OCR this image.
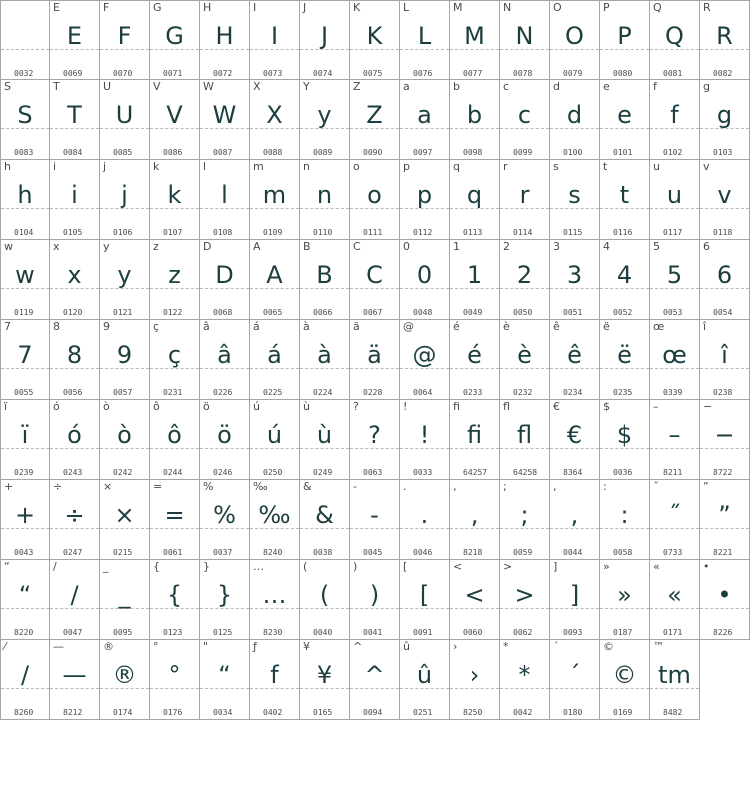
0032
E
E
0069
F
F
0070
G
G
0071
H
H
0072
I
I
0073
J
J
0074
K
K
0075
L
L
0076
M
M
0077
N
N
0078
O
O
0079
P
P
0080
Q
Q
0081
R
R
0082
S
S
0083
T
T
0084
U
U
0085
V
V
0086
W
W
0087
X
X
0088
Y
y
0089
Z
Z
0090
a
a
0097
b
b
0098
c
c
0099
d
d
0100
e
e
0101
f
f
0102
g
g
0103
h
h
0104
i
i
0105
j
j
0106
k
k
0107
l
l
0108
m
m
0109
n
n
0110
o
o
0111
p
p
0112
q
q
0113
r
r
0114
s
s
0115
t
t
0116
u
u
0117
v
v
0118
w
w
0119
x
x
0120
y
y
0121
z
z
0122
D
D
0068
A
A
0065
B
B
0066
C
C
0067
0
0
0048
1
1
0049
2
2
0050
3
3
0051
4
4
0052
5
5
0053
6
6
0054
7
7
0055
8
8
0056
9
9
0057
ç
ç
0231
â
â
0226
á
á
0225
à
à
0224
ä
ä
0228
@
@
0064
é
é
0233
è
è
0232
ê
ê
0234
ë
ë
0235
œ
œ
0339
î
î
0238
ï
ï
0239
ó
ó
0243
ò
ò
0242
ô
ô
0244
ö
ö
0246
ú
ú
0250
ù
ù
0249
?
?
0063
!
!
0033
fi
fi
64257
fl
fl
64258
€
€
8364
$
$
0036
–
–
8211
−
−
8722
+
+
0043
÷
÷
0247
×
×
0215
=
=
0061
%
%
0037
‰
‰
8240
&
&
0038
-
-
0045
.
.
0046
‚
‚
8218
;
;
0059
,
,
0044
:
:
0058
˝
˝
0733
”
”
8221
“
“
8220
/
/
0047
_
_
0095
{
{
0123
}
}
0125
…
…
8230
(
(
0040
)
)
0041
[
[
0091
<
<
0060
>
>
0062
]
]
0093
»
»
0187
«
«
0171
•
•
8226
⁄
/
8260
—
—
8212
®
®
0174
°
°
0176
"
“
0034
ƒ
f
0402
¥
¥
0165
^
^
0094
û
û
0251
›
›
8250
*
*
0042
´
´
0180
©
©
0169
™
tm
8482
